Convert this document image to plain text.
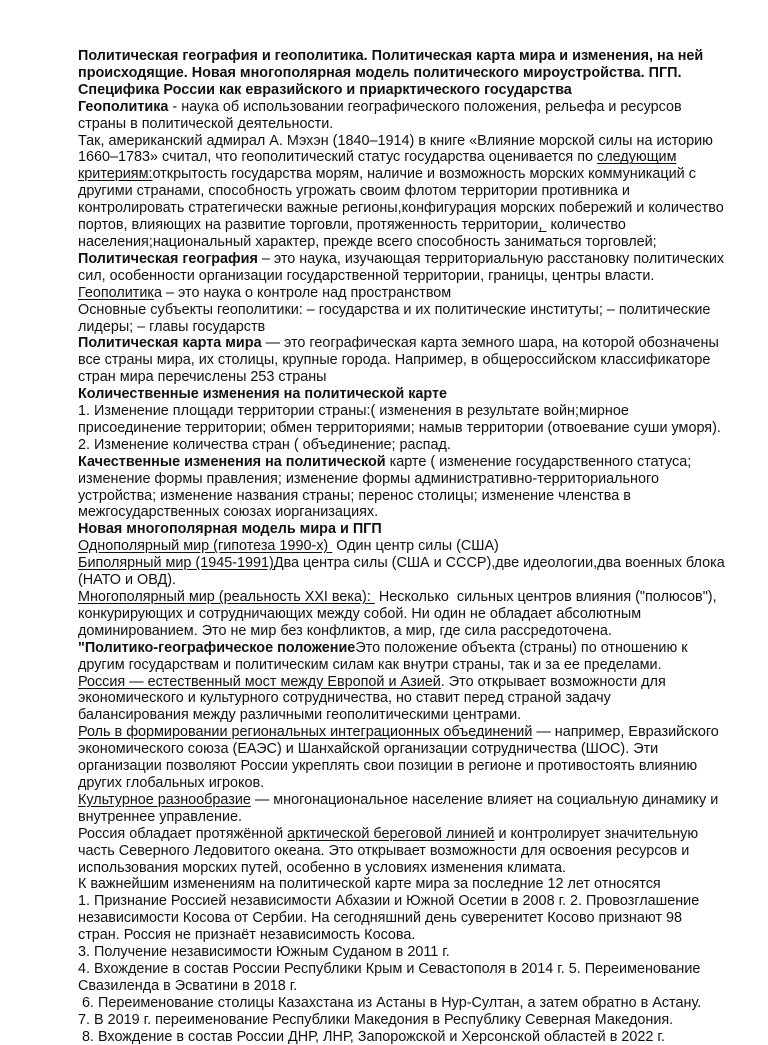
Политическая география и геополитика. Политическая карта мира и изменения, на ней
происходящие. Новая многополярная модель политического мироустройства. ПГП.
Специфика России как евразийского и приарктического государства
Геополитика - наука об использовании географического положения, рельефа и ресурсов
страны в политической деятельности.
Так, американский адмирал А. Мэхэн (1840–1914) в книге «Влияние морской силы на историю
1660–1783» считал, что геополитический статус государства оценивается по следующим
критериям:открытость государства морям, наличие и возможность морских коммуникаций с
другими странами, способность угрожать своим флотом территории противника и
контролировать стратегически важные регионы,конфигурация морских побережий и количество
портов, влияющих на развитие торговли, протяженность территории,  количество
населения;национальный характер, прежде всего способность заниматься торговлей;
Политическая география – это наука, изучающая территориальную расстановку политических
сил, особенности организации государственной территории, границы, центры власти.
Геополитика – это наука о контроле над пространством
Основные субъекты геополитики: – государства и их политические институты; – политические
лидеры; – главы государств
Политическая карта мира — это географическая карта земного шара, на которой обозначены
все страны мира, их столицы, крупные города. Например, в общероссийском классификаторе
стран мира перечислены 253 страны
Количественные изменения на политической карте
1. Изменение площади территории страны:( изменения в результате войн;мирное
присоединение территории; обмен территориями; намыв территории (отвоевание суши уморя).
2. Изменение количества стран ( объединение; распад.
Качественные изменения на политической карте ( изменение государственного статуса;
изменение формы правления; изменение формы административно-территориального
устройства; изменение названия страны; перенос столицы; изменение членства в
межгосударственных союзах иорганизациях.
Новая многополярная модель мира и ПГП
Однополярный мир (гипотеза 1990-х)  Один центр силы (США)
Биполярный мир (1945-1991)Два центра силы (США и СССР),две идеологии,два военных блока
(НАТО и ОВД).
Многополярный мир (реальность XXI века):  Несколько  сильных центров влияния ("полюсов"),
конкурирующих и сотрудничающих между собой. Ни один не обладает абсолютным
доминированием. Это не мир без конфликтов, а мир, где сила рассредоточена.
"Политико-географическое положениеЭто положение объекта (страны) по отношению к
другим государствам и политическим силам как внутри страны, так и за ее пределами.
Россия — естественный мост между Европой и Азией. Это открывает возможности для
экономического и культурного сотрудничества, но ставит перед страной задачу
балансирования между различными геополитическими центрами.
Роль в формировании региональных интеграционных объединений — например, Евразийского
экономического союза (ЕАЭС) и Шанхайской организации сотрудничества (ШОС). Эти
организации позволяют России укреплять свои позиции в регионе и противостоять влиянию
других глобальных игроков.
Культурное разнообразие — многонациональное население влияет на социальную динамику и
внутреннее управление.
Россия обладает протяжённой арктической береговой линией и контролирует значительную
часть Северного Ледовитого океана. Это открывает возможности для освоения ресурсов и
использования морских путей, особенно в условиях изменения климата.
К важнейшим изменениям на политической карте мира за последние 12 лет относятся
1. Признание Россией независимости Абхазии и Южной Осетии в 2008 г. 2. Провозглашение
независимости Косова от Сербии. На сегодняшний день суверенитет Косово признают 98
стран. Россия не признаёт независимость Косова.
3. Получение независимости Южным Суданом в 2011 г.
4. Вхождение в состав России Республики Крым и Севастополя в 2014 г. 5. Переименование
Свазиленда в Эсватини в 2018 г.
6. Переименование столицы Казахстана из Астаны в Нур-Султан, а затем обратно в Астану.
7. В 2019 г. переименование Республики Македония в Республику Северная Македония.
8. Вхождение в состав России ДНР, ЛНР, Запорожской и Херсонской областей в 2022 г.
